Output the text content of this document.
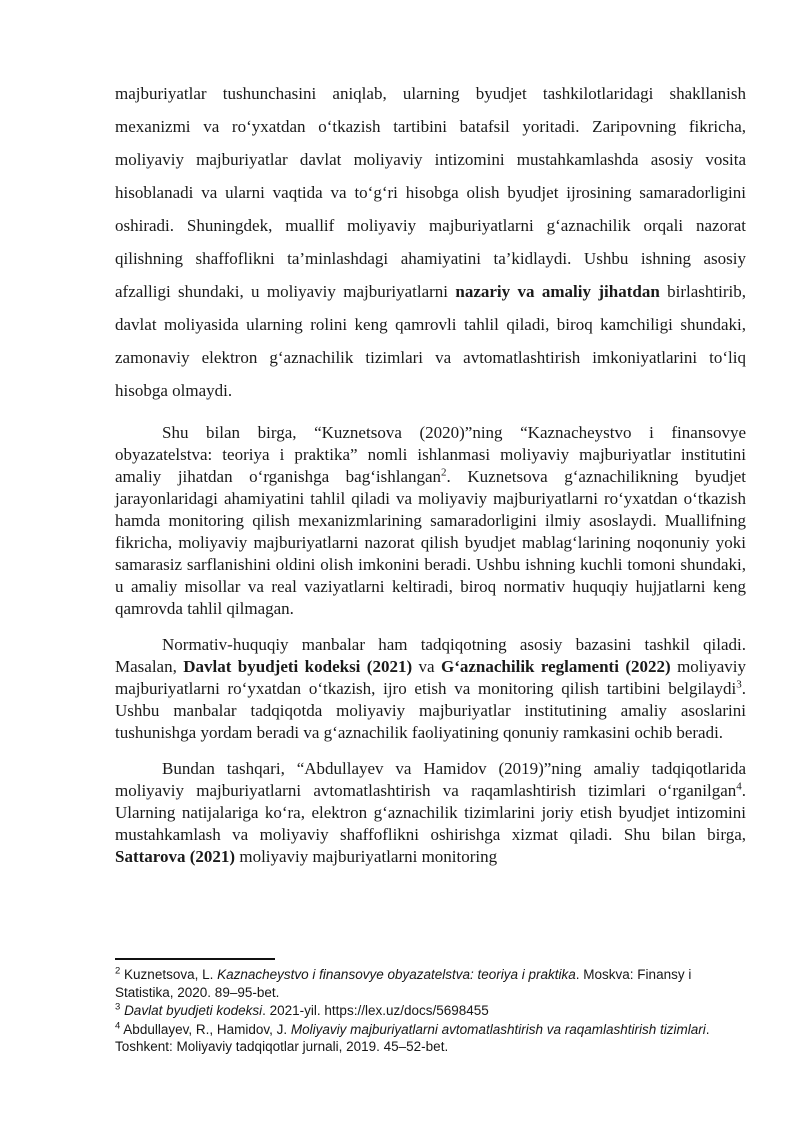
majburiyatlar tushunchasini aniqlab, ularning byudjet tashkilotlaridagi shakllanish mexanizmi va roʻyxatdan oʻtkazish tartibini batafsil yoritadi. Zaripovning fikricha, moliyaviy majburiyatlar davlat moliyaviy intizomini mustahkamlashda asosiy vosita hisoblanadi va ularni vaqtida va toʻgʻri hisobga olish byudjet ijrosining samaradorligini oshiradi. Shuningdek, muallif moliyaviy majburiyatlarni gʻaznachilik orqali nazorat qilishning shaffoflikni ta’minlashdagi ahamiyatini ta’kidlaydi. Ushbu ishning asosiy afzalligi shundaki, u moliyaviy majburiyatlarni nazariy va amaliy jihatdan birlashtirib, davlat moliyasida ularning rolini keng qamrovli tahlil qiladi, biroq kamchiligi shundaki, zamonaviy elektron gʻaznachilik tizimlari va avtomatlashtirish imkoniyatlarini toʻliq hisobga olmaydi.

Shu bilan birga, “Kuznetsova (2020)”ning “Kaznacheystvo i finansovye obyazatelstva: teoriya i praktika” nomli ishlanmasi moliyaviy majburiyatlar institutini amaliy jihatdan oʻrganishga bagʻishlangan$^2$. Kuznetsova gʻaznachilikning byudjet jarayonlaridagi ahamiyatini tahlil qiladi va moliyaviy majburiyatlarni roʻyxatdan oʻtkazish hamda monitoring qilish mexanizmlarining samaradorligini ilmiy asoslaydi. Muallifning fikricha, moliyaviy majburiyatlarni nazorat qilish byudjet mablagʻlarining noqonuniy yoki samarasiz sarflanishini oldini olish imkonini beradi. Ushbu ishning kuchli tomoni shundaki, u amaliy misollar va real vaziyatlarni keltiradi, biroq normativ huquqiy hujjatlarni keng qamrovda tahlil qilmagan.

Normativ-huquqiy manbalar ham tadqiqotning asosiy bazasini tashkil qiladi. Masalan, Davlat byudjeti kodeksi (2021) va Gʻaznachilik reglamenti (2022) moliyaviy majburiyatlarni roʻyxatdan oʻtkazish, ijro etish va monitoring qilish tartibini belgilaydi$^3$. Ushbu manbalar tadqiqotda moliyaviy majburiyatlar institutining amaliy asoslarini tushunishga yordam beradi va gʻaznachilik faoliyatining qonuniy ramkasini ochib beradi.

Bundan tashqari, “Abdullayev va Hamidov (2019)”ning amaliy tadqiqotlarida moliyaviy majburiyatlarni avtomatlashtirish va raqamlashtirish tizimlari oʻrganilgan$^4$. Ularning natijalariga koʻra, elektron gʻaznachilik tizimlarini joriy etish byudjet intizomini mustahkamlash va moliyaviy shaffoflikni oshirishga xizmat qiladi. Shu bilan birga, Sattarova (2021) moliyaviy majburiyatlarni monitoring

$^2$ Kuznetsova, L. Kaznacheystvo i finansovye obyazatelstva: teoriya i praktika. Moskva: Finansy i Statistika, 2020. 89–95-bet.
$^3$ Davlat byudjeti kodeksi. 2021-yil. https://lex.uz/docs/5698455
$^4$ Abdullayev, R., Hamidov, J. Moliyaviy majburiyatlarni avtomatlashtirish va raqamlashtirish tizimlari. Toshkent: Moliyaviy tadqiqotlar jurnali, 2019. 45–52-bet.
